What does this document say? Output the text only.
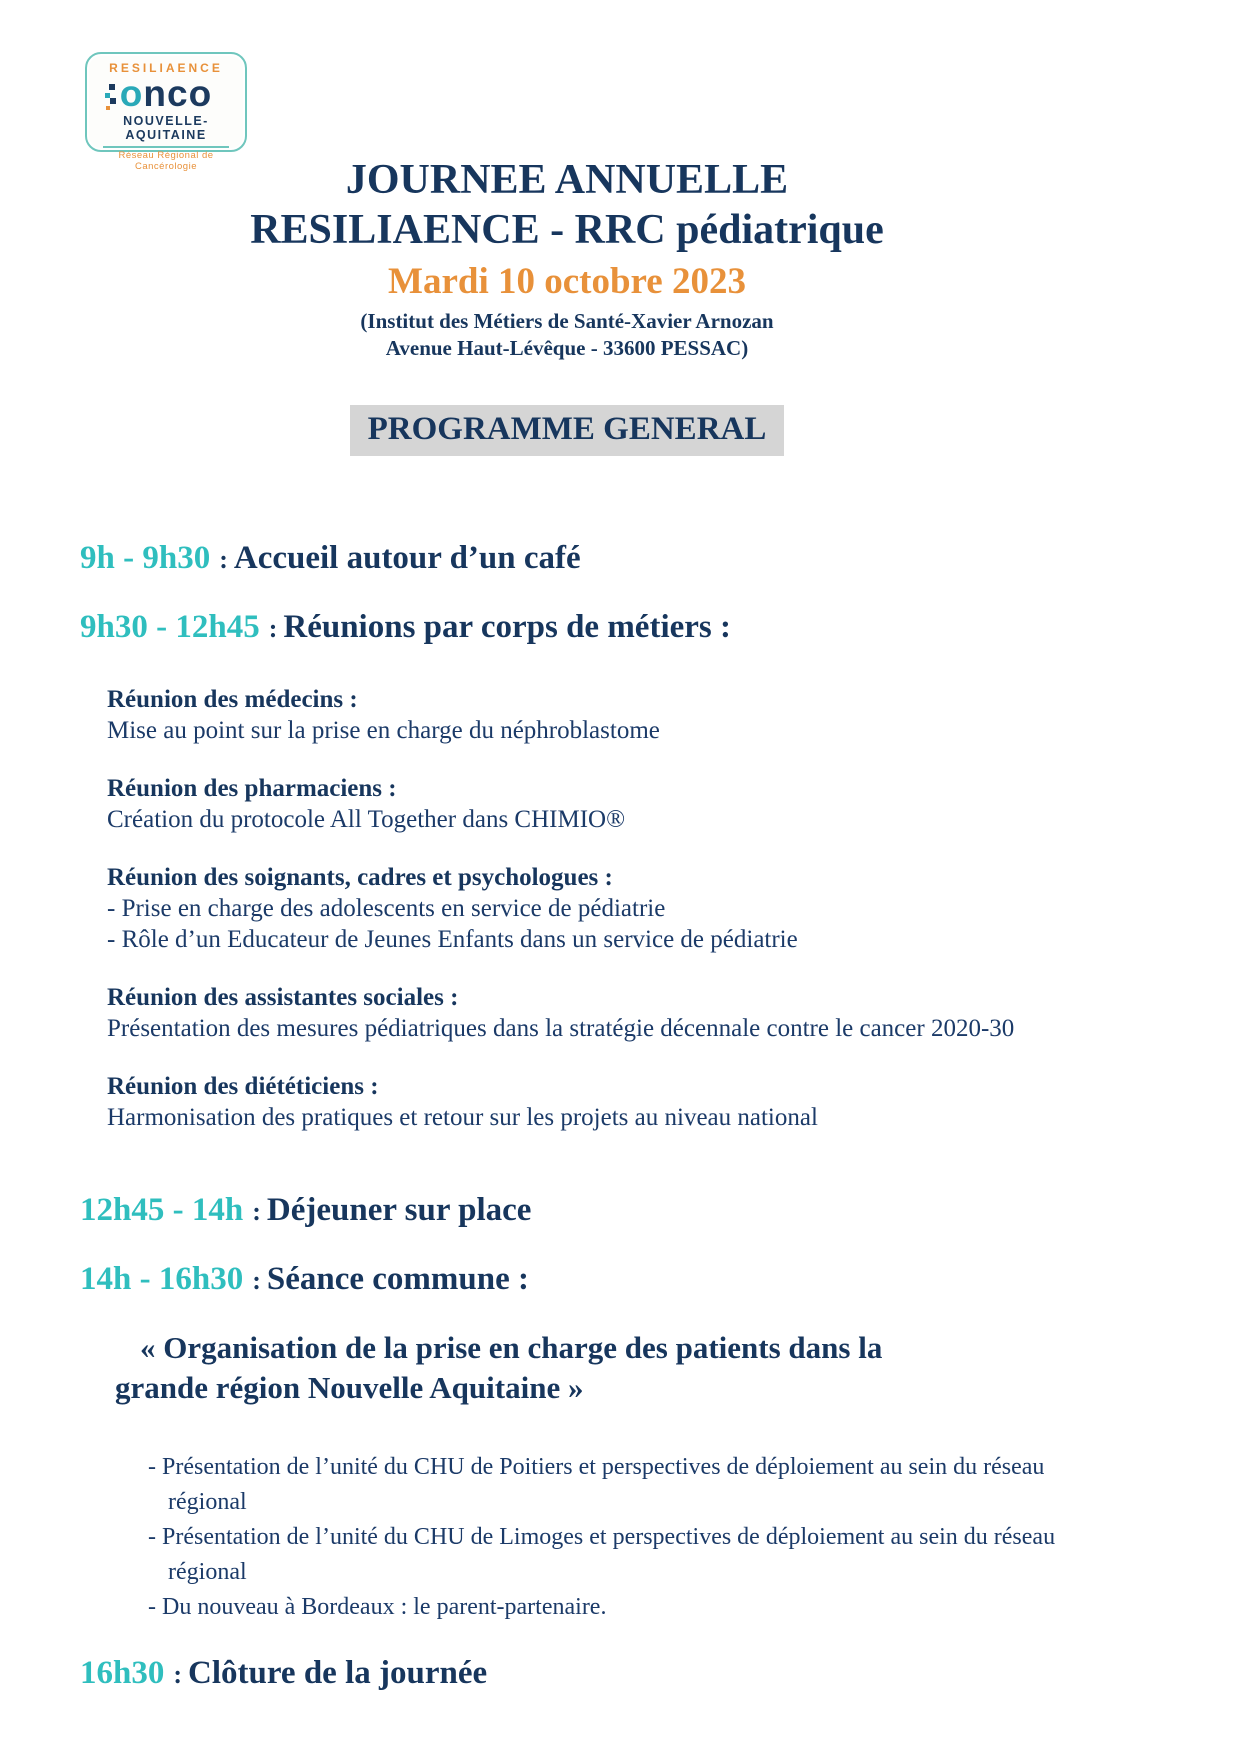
RESILIAENCE
onco
NOUVELLE-AQUITAINE
Réseau Régional de Cancérologie	JOURNEE ANNUELLE
RESILIAENCE - RRC pédiatrique
Mardi 10 octobre 2023
(Institut des Métiers de Santé-Xavier Arnozan
Avenue Haut-Lévêque - 33600 PESSAC)
PROGRAMME GENERAL
9h - 9h30 : Accueil autour d’un café
9h30 - 12h45 : Réunions par corps de métiers :
Réunion des médecins :
Mise au point sur la prise en charge du néphroblastome
Réunion des pharmaciens :
Création du protocole All Together dans CHIMIO®
Réunion des soignants, cadres et psychologues :
- Prise en charge des adolescents en service de pédiatrie
- Rôle d’un Educateur de Jeunes Enfants dans un service de pédiatrie
Réunion des assistantes sociales :
Présentation des mesures pédiatriques dans la stratégie décennale contre le cancer 2020-30
Réunion des diététiciens :
Harmonisation des pratiques et retour sur les projets au niveau national
12h45 - 14h : Déjeuner sur place
14h - 16h30 : Séance commune :
« Organisation de la prise en charge des patients dans la
grande région Nouvelle Aquitaine »
- Présentation de l’unité du CHU de Poitiers et perspectives de déploiement au sein du réseau régional
- Présentation de l’unité du CHU de Limoges et perspectives de déploiement au sein du réseau régional
- Du nouveau à Bordeaux : le parent-partenaire.
16h30 : Clôture de la journée
